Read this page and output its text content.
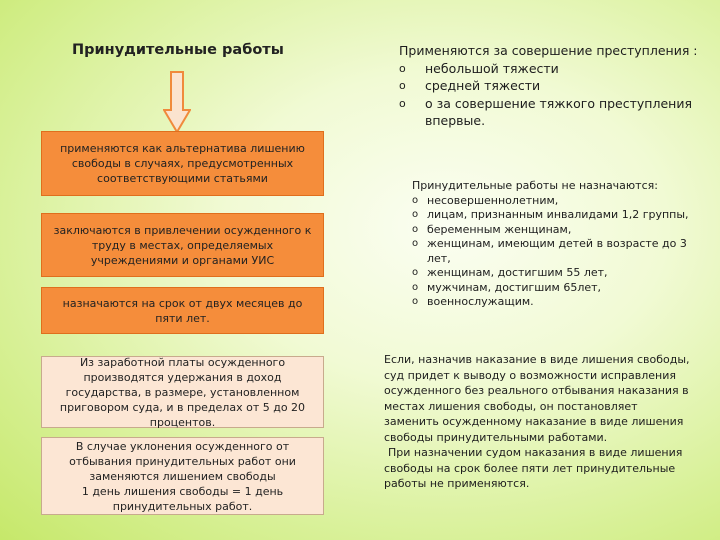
Принудительные работы
применяются как альтернатива лишению свободы в случаях, предусмотренных соответствующими статьями
заключаются в привлечении осужденного к труду в местах, определяемых учреждениями и органами УИС
назначаются на срок от двух месяцев до пяти лет.
Из заработной платы осужденного производятся удержания в доход государства, в размере, установленном приговором суда, и в пределах от 5 до 20 процентов.
В случае уклонения осужденного от отбывания принудительных работ они заменяются лишением свободы
1 день лишения свободы = 1 день принудительных работ.
Применяются за совершение преступления :
o	небольшой тяжести
o	средней тяжести
o	о за совершение тяжкого преступления впервые.
Принудительные работы не назначаются:
o несовершеннолетним,
o лицам, признанным инвалидами 1,2 группы,
o беременным женщинам,
o женщинам, имеющим детей в возрасте до 3 лет,
o женщинам, достигшим 55 лет,
o мужчинам, достигшим 65лет,
o военнослужащим.

Если, назначив наказание в виде лишения свободы, суд придет к выводу о возможности исправления осужденного без реального отбывания наказания в местах лишения свободы, он постановляет заменить осужденному наказание в виде лишения свободы принудительными работами.

При назначении судом наказания в виде лишения свободы на срок более пяти лет принудительные работы не применяются.
